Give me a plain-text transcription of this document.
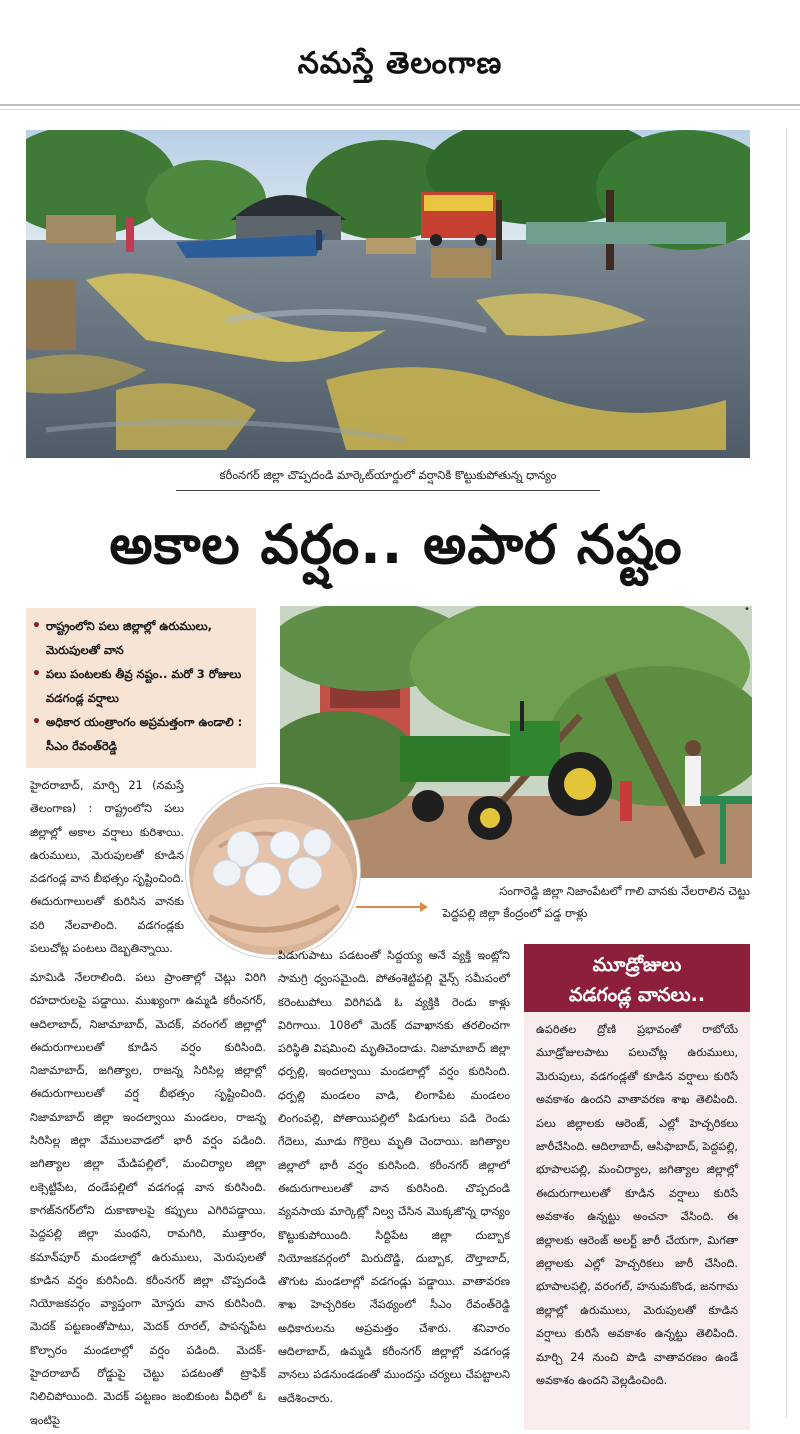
నమస్తే తెలంగాణ
కరీంనగర్ జిల్లా చొప్పదండి మార్కెట్‌యార్డులో వర్షానికి కొట్టుకుపోతున్న ధాన్యం
అకాల వర్షం.. అపార నష్టం
• రాష్ట్రంలోని పలు జిల్లాల్లో ఉరుములు, మెరుపులతో వాన
• పలు పంటలకు తీవ్ర నష్టం.. మరో 3 రోజులు వడగండ్ల వర్షాలు
• అధికార యంత్రాంగం అప్రమత్తంగా ఉండాలి : సీఎం రేవంత్‌రెడ్డి
•
సంగారెడ్డి జిల్లా నిజాంపేటలో గాలి వానకు నేలరాలిన చెట్టు
పెద్దపల్లి జిల్లా కేంద్రంలో పడ్డ రాళ్లు

హైదరాబాద్, మార్చి 21 (నమస్తే తెలంగాణ) : రాష్ట్రంలోని పలు జిల్లాల్లో అకాల వర్షాలు కురిశాయి. ఉరుములు, మెరుపులతో కూడిన వడగండ్ల వాన బీభత్సం సృష్టించింది. ఈదురుగాలులతో కురిసిన వానకు వరి నేలవాలింది. వడగండ్లకు పలుచోట్ల పంటలు దెబ్బతిన్నాయి.

మామిడి నేలరాలింది. పలు ప్రాంతాల్లో చెట్లు విరిగి రహదారులపై పడ్డాయి. ముఖ్యంగా ఉమ్మడి కరీంనగర్, ఆదిలాబాద్, నిజామాబాద్, మెదక్, వరంగల్ జిల్లాల్లో ఈదురుగాలులతో కూడిన వర్షం కురిసింది. నిజామాబాద్, జగిత్యాల, రాజన్న సిరిసిల్ల జిల్లాల్లో ఈదురుగాలులతో వర్ష బీభత్సం సృష్టించింది. నిజామాబాద్ జిల్లా ఇందల్వాయి మండలం, రాజన్న సిరిసిల్ల జిల్లా వేములవాడలో భారీ వర్షం పడింది. జగిత్యాల జిల్లా మేడిపల్లిలో, మంచిర్యాల జిల్లా లక్సెట్టిపేట, దండేపల్లిలో వడగండ్ల వాన కురిసింది. కాగజ్‌నగర్‌లోని దుకాణాలపై కప్పులు ఎగిరిపడ్డాయి. పెద్దపల్లి జిల్లా మంథని, రామగిరి, ముత్తారం, కమాన్‌పూర్ మండలాల్లో ఉరుములు, మెరుపులతో కూడిన వర్షం కురిసింది. కరీంనగర్ జిల్లా చొప్పదండి నియోజకవర్గం వ్యాప్తంగా మోస్తరు వాన కురిసింది. మెదక్ పట్టణంతోపాటు, మెదక్ రూరల్, పాపన్నపేట కొల్చారం మండలాల్లో వర్షం పడింది. మెదక్- హైదరాబాద్ రోడ్డుపై చెట్టు పడటంతో ట్రాఫిక్ నిలిచిపోయింది. మెదక్ పట్టణం జంబికుంట వీధిలో ఓ ఇంటిపై

పిడుగుపాటు పడటంతో సిద్దయ్య అనే వ్యక్తి ఇంట్లోని సామగ్రి ధ్వంసమైంది. పోతంశెట్టిపల్లి వైన్స్ సమీపంలో కరెంటుపోలు విరిగిపడి ఓ వ్యక్తికి రెండు కాళ్లు విరిగాయి. 108లో మెదక్ దవాఖానకు తరలించగా పరిస్థితి విషమించి మృతిచెందాడు. నిజామాబాద్ జిల్లా ధర్పల్లి, ఇందల్వాయి మండలాల్లో వర్షం కురిసింది. ధర్పల్లి మండలం వాడి, లింగాపేట మండలం లింగంపల్లి, పోతాయిపల్లిలో పిడుగులు పడి రెండు గేదెలు, మూడు గొర్రెలు మృతి చెందాయి. జగిత్యాల జిల్లాలో భారీ వర్షం కురిసింది. కరీంనగర్ జిల్లాలో ఈదురుగాలులతో వాన కురిసింది. చొప్పదండి వ్యవసాయ మార్కెట్లో నిల్వ చేసిన మొక్కజొన్న ధాన్యం కొట్టుకుపోయింది. సిద్దిపేట జిల్లా దుబ్బాక నియోజకవర్గంలో మిరుదొడ్డి, దుబ్బాక, దౌల్తాబాద్, తొగుట మండలాల్లో వడగండ్లు పడ్డాయి. వాతావరణ శాఖ హెచ్చరికల నేపథ్యంలో సీఎం రేవంత్‌రెడ్డి అధికారులను అప్రమత్తం చేశారు. శనివారం ఆదిలాబాద్, ఉమ్మడి కరీంనగర్ జిల్లాల్లో వడగండ్ల వానలు పడనుండడంతో ముందస్తు చర్యలు చేపట్టాలని ఆదేశించారు.

మూడ్రోజులు
వడగండ్ల వానలు..
ఉపరితల ద్రోణి ప్రభావంతో రాబోయే మూడ్రోజులపాటు పలుచోట్ల ఉరుములు, మెరుపులు, వడగండ్లతో కూడిన వర్షాలు కురిసే అవకాశం ఉందని వాతావరణ శాఖ తెలిపింది. పలు జిల్లాలకు ఆరెంజ్, ఎల్లో హెచ్చరికలు జారీచేసింది. ఆదిలాబాద్, ఆసిఫాబాద్, పెద్దపల్లి, భూపాలపల్లి, మంచిర్యాల, జగిత్యాల జిల్లాల్లో ఈదురుగాలులతో కూడిన వర్షాలు కురిసే అవకాశం ఉన్నట్టు అంచనా వేసింది. ఈ జిల్లాలకు ఆరెంజ్ అలర్ట్ జారీ చేయగా, మిగతా జిల్లాలకు ఎల్లో హెచ్చరికలు జారీ చేసింది. భూపాలపల్లి, వరంగల్, హనుమకొండ, జనగామ జిల్లాల్లో ఉరుములు, మెరుపులతో కూడిన వర్షాలు కురిసే అవకాశం ఉన్నట్టు తెలిపింది. మార్చి 24 నుంచి పొడి వాతావరణం ఉండే అవకాశం ఉందని వెల్లడించింది.
